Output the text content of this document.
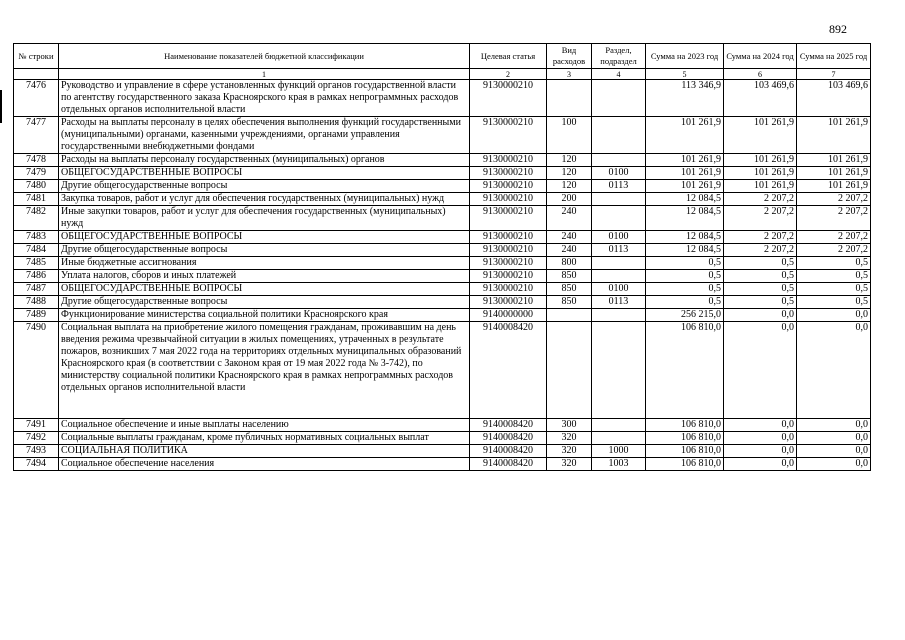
892
№ строки	Наименование показателей бюджетной классификации	Целевая статья	Вид расходов	Раздел, подраздел	Сумма на 2023 год	Сумма на 2024 год	Сумма на 2025 год
	1	2	3	4	5	6	7
7476	Руководство и управление в сфере установленных функций органов государственной власти по агентству государственного заказа Красноярского края в рамках непрограммных расходов отдельных органов исполнительной власти	9130000210			113 346,9	103 469,6	103 469,6
7477	Расходы на выплаты персоналу в целях обеспечения выполнения функций государственными (муниципальными) органами, казенными учреждениями, органами управления государственными внебюджетными фондами	9130000210	100		101 261,9	101 261,9	101 261,9
7478	Расходы на выплаты персоналу государственных (муниципальных) органов	9130000210	120		101 261,9	101 261,9	101 261,9
7479	ОБЩЕГОСУДАРСТВЕННЫЕ ВОПРОСЫ	9130000210	120	0100	101 261,9	101 261,9	101 261,9
7480	Другие общегосударственные вопросы	9130000210	120	0113	101 261,9	101 261,9	101 261,9
7481	Закупка товаров, работ и услуг для обеспечения государственных (муниципальных) нужд	9130000210	200		12 084,5	2 207,2	2 207,2
7482	Иные закупки товаров, работ и услуг для обеспечения государственных (муниципальных) нужд	9130000210	240		12 084,5	2 207,2	2 207,2
7483	ОБЩЕГОСУДАРСТВЕННЫЕ ВОПРОСЫ	9130000210	240	0100	12 084,5	2 207,2	2 207,2
7484	Другие общегосударственные вопросы	9130000210	240	0113	12 084,5	2 207,2	2 207,2
7485	Иные бюджетные ассигнования	9130000210	800		0,5	0,5	0,5
7486	Уплата налогов, сборов и иных платежей	9130000210	850		0,5	0,5	0,5
7487	ОБЩЕГОСУДАРСТВЕННЫЕ ВОПРОСЫ	9130000210	850	0100	0,5	0,5	0,5
7488	Другие общегосударственные вопросы	9130000210	850	0113	0,5	0,5	0,5
7489	Функционирование министерства социальной политики Красноярского края	9140000000			256 215,0	0,0	0,0
7490	Социальная выплата на приобретение жилого помещения гражданам, проживавшим на день введения режима чрезвычайной ситуации в жилых помещениях, утраченных в результате пожаров, возникших 7 мая 2022 года на территориях отдельных муниципальных образований Красноярского края (в соответствии с Законом края от 19 мая 2022 года № 3-742), по министерству социальной политики Красноярского края в рамках непрограммных расходов отдельных органов исполнительной власти	9140008420			106 810,0	0,0	0,0
7491	Социальное обеспечение и иные выплаты населению	9140008420	300		106 810,0	0,0	0,0
7492	Социальные выплаты гражданам, кроме публичных нормативных социальных выплат	9140008420	320		106 810,0	0,0	0,0
7493	СОЦИАЛЬНАЯ ПОЛИТИКА	9140008420	320	1000	106 810,0	0,0	0,0
7494	Социальное обеспечение населения	9140008420	320	1003	106 810,0	0,0	0,0
